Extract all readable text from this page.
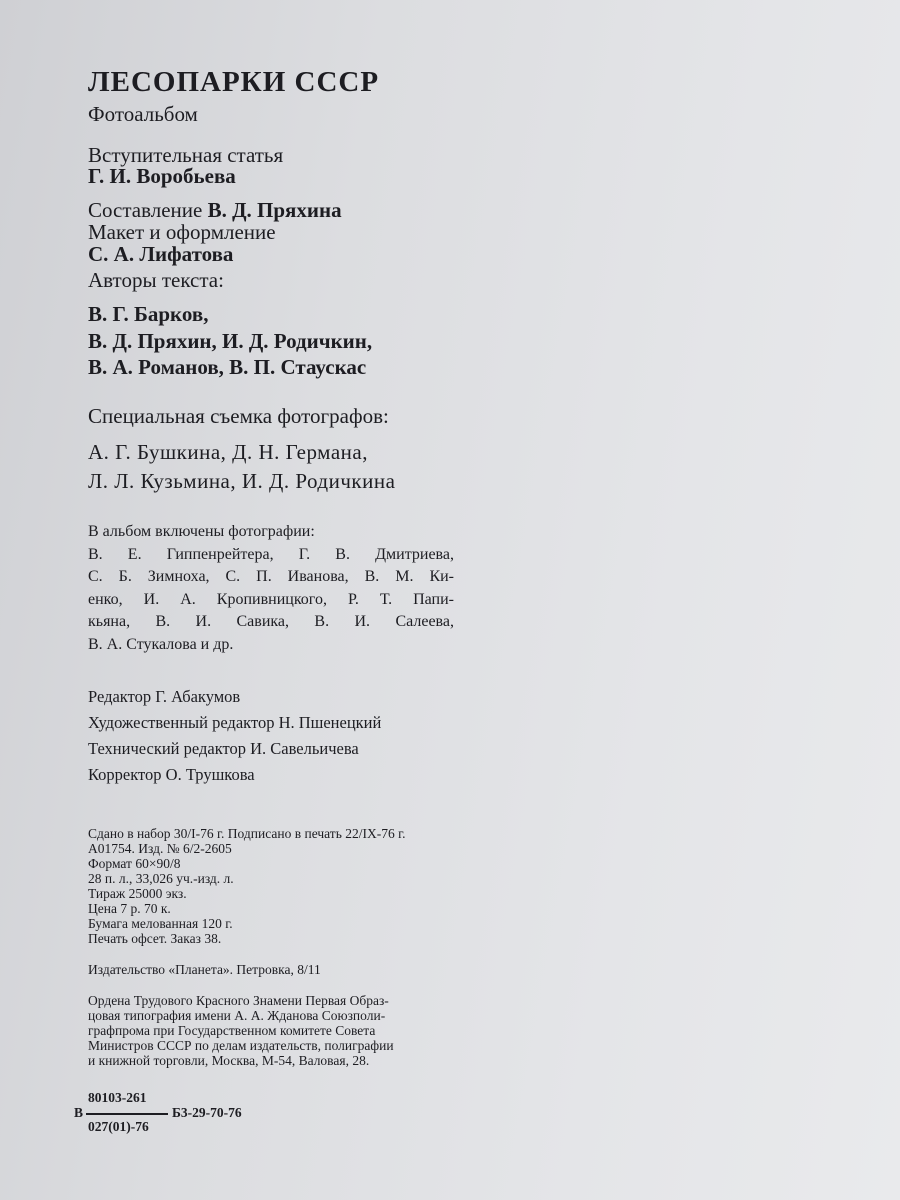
ЛЕСОПАРКИ СССР
Фотоальбом
Вступительная статья
Г. И. Воробьева
Составление В. Д. Пряхина
Макет и оформление
С. А. Лифатова
Авторы текста:
В. Г. Барков,
В. Д. Пряхин, И. Д. Родичкин,
В. А. Романов, В. П. Стаускас
Специальная съемка фотографов:
А. Г. Бушкина, Д. Н. Германа,
Л. Л. Кузьмина, И. Д. Родичкина
В альбом включены фотографии:
В. Е. Гиппенрейтера, Г. В. Дмитриева,
С. Б. Зимноха, С. П. Иванова, В. М. Ки-
енко, И. А. Кропивницкого, Р. Т. Папи-
кьяна, В. И. Савика, В. И. Салеева,
В. А. Стукалова и др.
Редактор Г. Абакумов
Художественный редактор Н. Пшенецкий
Технический редактор И. Савельичева
Корректор О. Трушкова
Сдано в набор 30/I-76 г. Подписано в печать 22/IX-76 г.
А01754. Изд. № 6/2-2605
Формат 60×90/8
28 п. л., 33,026 уч.-изд. л.
Тираж 25000 экз.
Цена 7 р. 70 к.
Бумага мелованная 120 г.
Печать офсет. Заказ 38.
Издательство «Планета». Петровка, 8/11
Ордена Трудового Красного Знамени Первая Образ-
цовая типография имени А. А. Жданова Союзполи-
графпрома при Государственном комитете Совета
Министров СССР по делам издательств, полиграфии
и книжной торговли, Москва, М-54, Валовая, 28.
80103-261
В	Б3-29-70-76
027(01)-76
